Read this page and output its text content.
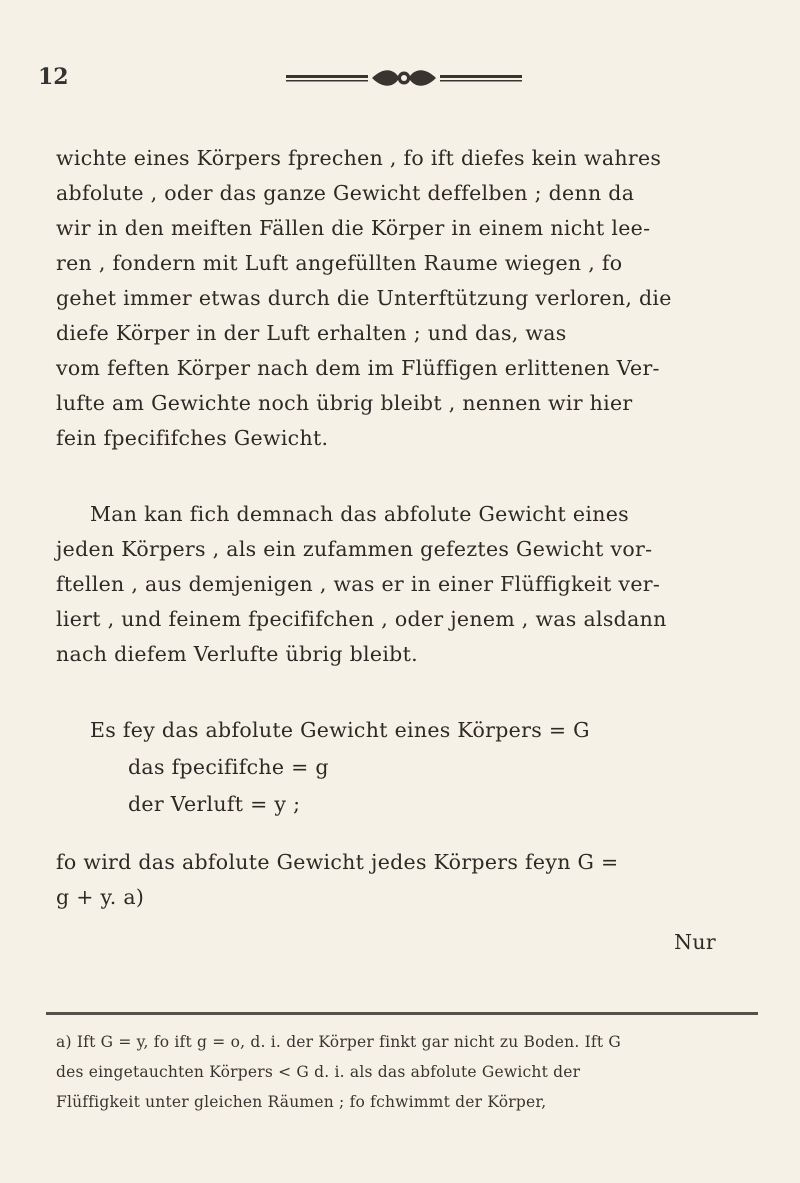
12
wichte eines Körpers fprechen , fo ift diefes kein wahres
abfolute , oder das ganze Gewicht deffelben ; denn da
wir in den meiften Fällen die Körper in einem nicht lee-
ren , fondern mit Luft angefüllten Raume wiegen , fo
gehet immer etwas durch die Unterftützung verloren, die
diefe Körper in der Luft erhalten ; und das, was
vom feften Körper nach dem im Flüffigen erlittenen Ver-
lufte am Gewichte noch übrig bleibt , nennen wir hier
fein fpecififches Gewicht.
Man kan fich demnach das abfolute Gewicht eines
jeden Körpers , als ein zufammen gefeztes Gewicht vor-
ftellen , aus demjenigen , was er in einer Flüffigkeit ver-
liert , und feinem fpecififchen , oder jenem , was alsdann
nach diefem Verlufte übrig bleibt.
Es fey das abfolute Gewicht eines Körpers = G
das fpecififche = g
der Verluft = y ;
fo wird das abfolute Gewicht jedes Körpers feyn G =
g + y. a)
Nur
a) Ift G = y, fo ift g = o, d. i. der Körper finkt gar nicht zu Boden. Ift G
des eingetauchten Körpers < G d. i. als das abfolute Gewicht der
Flüffigkeit unter gleichen Räumen ; fo fchwimmt der Körper,
